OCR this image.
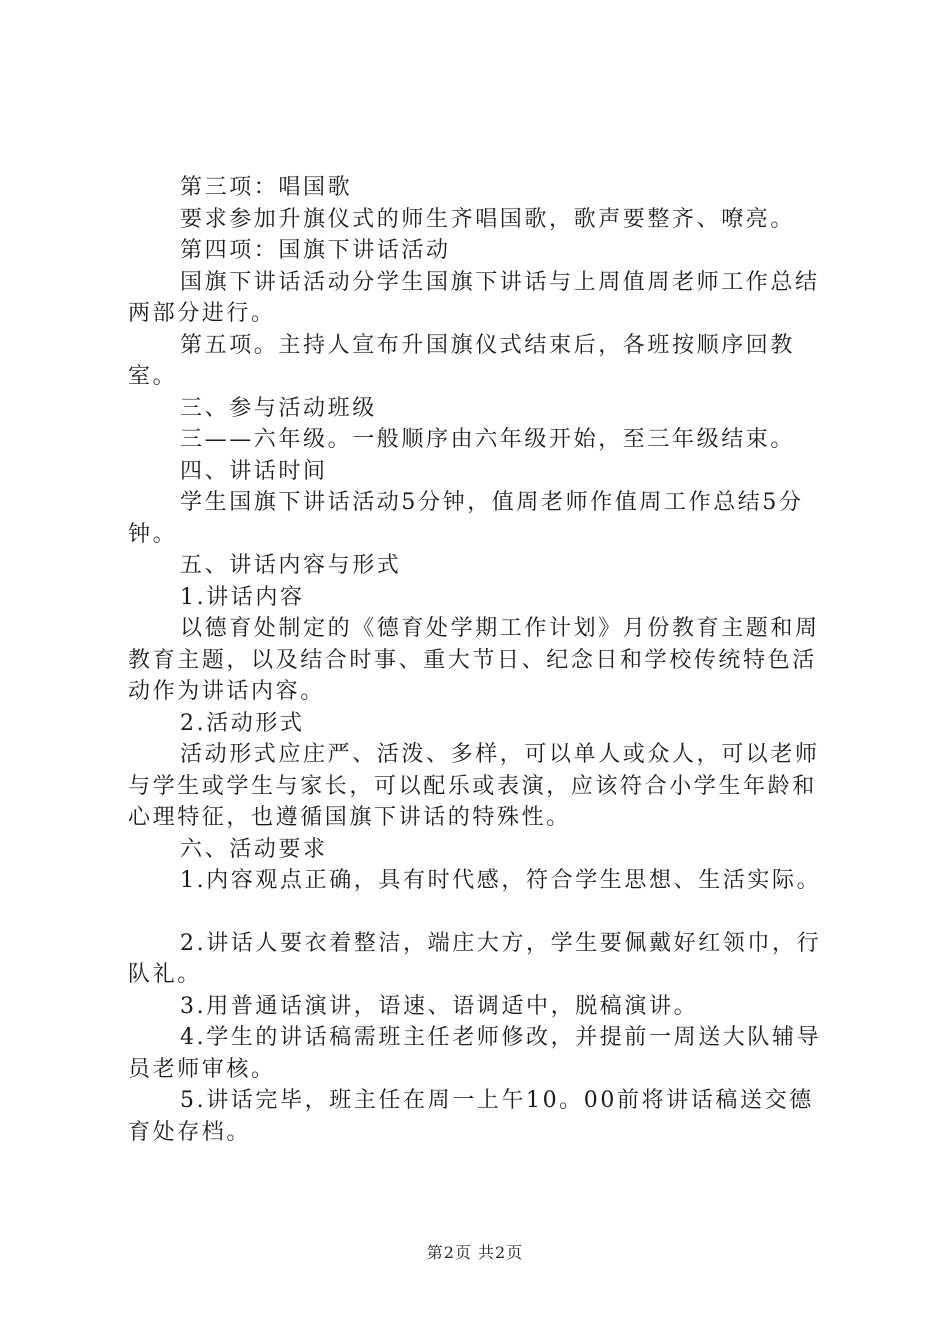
第三项：唱国歌

要求参加升旗仪式的师生齐唱国歌，歌声要整齐、嘹亮。

第四项：国旗下讲话活动

国旗下讲话活动分学生国旗下讲话与上周值周老师工作总结两部分进行。

第五项。主持人宣布升国旗仪式结束后，各班按顺序回教室。

三、参与活动班级

三——六年级。一般顺序由六年级开始，至三年级结束。

四、讲话时间

学生国旗下讲话活动5分钟，值周老师作值周工作总结5分钟。

五、讲话内容与形式

1.讲话内容

以德育处制定的《德育处学期工作计划》月份教育主题和周教育主题，以及结合时事、重大节日、纪念日和学校传统特色活动作为讲话内容。

2.活动形式

活动形式应庄严、活泼、多样，可以单人或众人，可以老师与学生或学生与家长，可以配乐或表演，应该符合小学生年龄和心理特征，也遵循国旗下讲话的特殊性。

六、活动要求

1.内容观点正确，具有时代感，符合学生思想、生活实际。

2.讲话人要衣着整洁，端庄大方，学生要佩戴好红领巾，行队礼。

3.用普通话演讲，语速、语调适中，脱稿演讲。

4.学生的讲话稿需班主任老师修改，并提前一周送大队辅导员老师审核。

5.讲话完毕，班主任在周一上午10。00前将讲话稿送交德育处存档。

第2页 共2页
